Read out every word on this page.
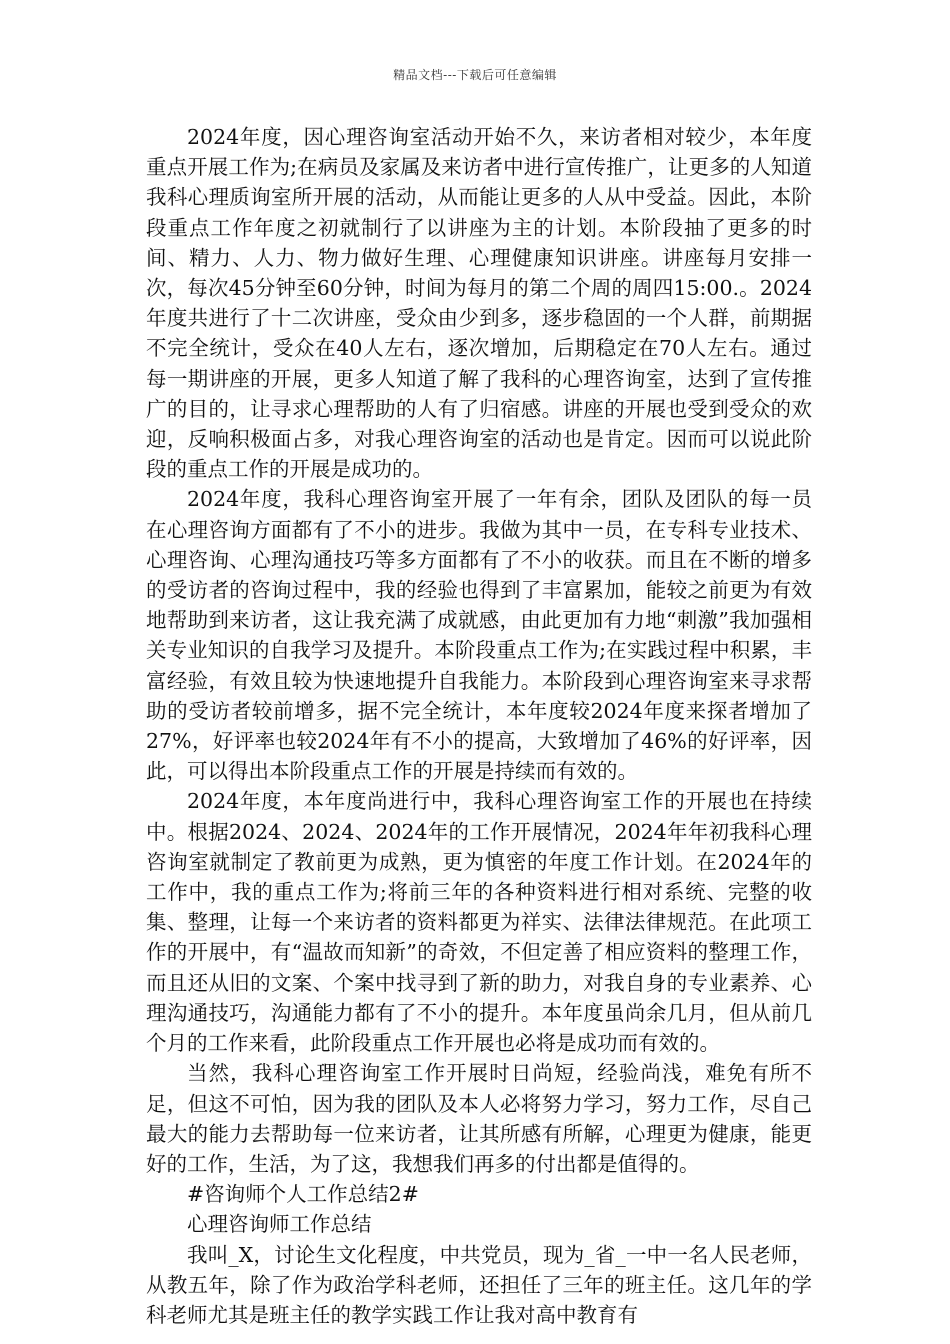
精品文档---下载后可任意编辑

2024年度，因心理咨询室活动开始不久，来访者相对较少，本年度重点开展工作为;在病员及家属及来访者中进行宣传推广，让更多的人知道我科心理质询室所开展的活动，从而能让更多的人从中受益。因此，本阶段重点工作年度之初就制行了以讲座为主的计划。本阶段抽了更多的时间、精力、人力、物力做好生理、心理健康知识讲座。讲座每月安排一次，每次45分钟至60分钟，时间为每月的第二个周的周四15:00.。2024年度共进行了十二次讲座，受众由少到多，逐步稳固的一个人群，前期据不完全统计，受众在40人左右，逐次增加，后期稳定在70人左右。通过每一期讲座的开展，更多人知道了解了我科的心理咨询室，达到了宣传推广的目的，让寻求心理帮助的人有了归宿感。讲座的开展也受到受众的欢迎，反响积极面占多，对我心理咨询室的活动也是肯定。因而可以说此阶段的重点工作的开展是成功的。

2024年度，我科心理咨询室开展了一年有余，团队及团队的每一员在心理咨询方面都有了不小的进步。我做为其中一员，在专科专业技术、心理咨询、心理沟通技巧等多方面都有了不小的收获。而且在不断的增多的受访者的咨询过程中，我的经验也得到了丰富累加，能较之前更为有效地帮助到来访者，这让我充满了成就感，由此更加有力地“刺激”我加强相关专业知识的自我学习及提升。本阶段重点工作为;在实践过程中积累，丰富经验，有效且较为快速地提升自我能力。本阶段到心理咨询室来寻求帮助的受访者较前增多，据不完全统计，本年度较2024年度来探者增加了27%，好评率也较2024年有不小的提高，大致增加了46%的好评率，因此，可以得出本阶段重点工作的开展是持续而有效的。

2024年度，本年度尚进行中，我科心理咨询室工作的开展也在持续中。根据2024、2024、2024年的工作开展情况，2024年年初我科心理咨询室就制定了教前更为成熟，更为慎密的年度工作计划。在2024年的工作中，我的重点工作为;将前三年的各种资料进行相对系统、完整的收集、整理，让每一个来访者的资料都更为祥实、法律法律规范。在此项工作的开展中，有“温故而知新”的奇效，不但定善了相应资料的整理工作，而且还从旧的文案、个案中找寻到了新的助力，对我自身的专业素养、心理沟通技巧，沟通能力都有了不小的提升。本年度虽尚余几月，但从前几个月的工作来看，此阶段重点工作开展也必将是成功而有效的。

当然，我科心理咨询室工作开展时日尚短，经验尚浅，难免有所不足，但这不可怕，因为我的团队及本人必将努力学习，努力工作，尽自己最大的能力去帮助每一位来访者，让其所感有所解，心理更为健康，能更好的工作，生活，为了这，我想我们再多的付出都是值得的。

#咨询师个人工作总结2#

心理咨询师工作总结

我叫_X，讨论生文化程度，中共党员，现为_省_一中一名人民老师，从教五年，除了作为政治学科老师，还担任了三年的班主任。这几年的学科老师尤其是班主任的教学实践工作让我对高中教育有
